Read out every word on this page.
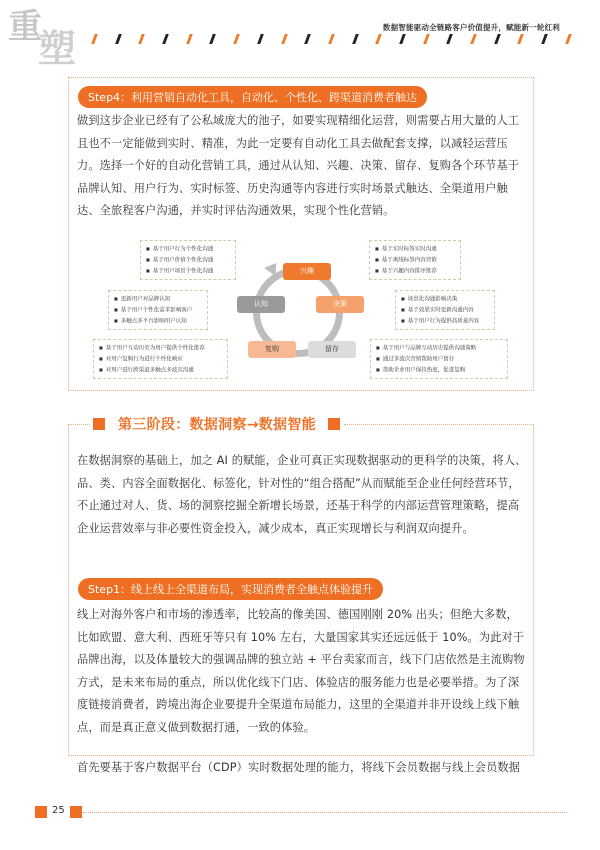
重
塑	数据智能驱动全链路客户价值提升，赋能新一轮红利
Step4：利用营销自动化工具，自动化、个性化、跨渠道消费者触达
做到这步企业已经有了公私域庞大的池子，如要实现精细化运营，则需要占用大量的人工且也不一定能做到实时、精准，为此一定要有自动化工具去做配套支撑，以减轻运营压力。选择一个好的自动化营销工具，通过从认知、兴趣、决策、留存、复购各个环节基于品牌认知、用户行为、实时标签、历史沟通等内容进行实时场景式触达、全渠道用户触达、全旅程客户沟通，并实时评估沟通效果，实现个性化营销。
■ 基于用户行为个性化沟通
■ 基于用户价值个性化沟通
■ 基于用户场景个性化沟通
■ 基于实时标签实时沟通
■ 基于离线标签内容营销
■ 基于兴趣内容排序推荐
■ 更新用户对品牌认知
■ 基于用户个性化需求影响客户
■ 多触点多平台影响用户认知
■ 场景化沟通影响决策
■ 基于效果实时更新沟通内容
■ 基于用户行为提供高质量内容
■ 基于用户互动历史为用户提供个性化推荐
■ 对用户复购行为进行个性化响应
■ 对用户进行跨渠道多触点多波次沟通
■ 基于用户与品牌互动历史提供沟通策略
■ 通过多波次营销帮助用户留存
■ 帮助企业用户保持热度，促进复购
兴趣
决策
留存
复购
认知
第三阶段：数据洞察→数据智能
在数据洞察的基础上，加之 AI 的赋能，企业可真正实现数据驱动的更科学的决策，将人、品、类、内容全面数据化、标签化，针对性的“组合搭配”从而赋能至企业任何经营环节，不止通过对人、货、场的洞察挖掘全新增长场景，还基于科学的内部运营管理策略，提高企业运营效率与非必要性资金投入，减少成本，真正实现增长与利润双向提升。
Step1：线上线上全渠道布局，实现消费者全触点体验提升
线上对海外客户和市场的渗透率，比较高的像美国、德国刚刚 20% 出头；但绝大多数，比如欧盟、意大利、西班牙等只有 10% 左右，大量国家其实还远远低于 10%。为此对于品牌出海，以及体量较大的强调品牌的独立站 + 平台卖家而言，线下门店依然是主流购物方式，是未来布局的重点，所以优化线下门店、体验店的服务能力也是必要举措。为了深度链接消费者，跨境出海企业要提升全渠道布局能力，这里的全渠道并非开设线上线下触点，而是真正意义做到数据打通，一致的体验。
首先要基于客户数据平台（CDP）实时数据处理的能力，将线下会员数据与线上会员数据
25
